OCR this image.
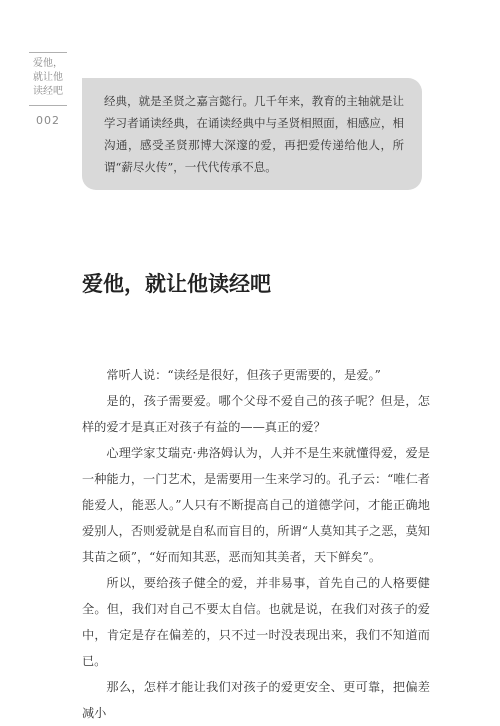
爱他，
就让他
读经吧
002
经典，就是圣贤之嘉言懿行。几千年来，教育的主轴就是让学习者诵读经典，在诵读经典中与圣贤相照面，相感应，相沟通，感受圣贤那博大深邃的爱，再把爱传递给他人，所谓“薪尽火传”，一代代传承不息。
爱他，就让他读经吧

常听人说：“读经是很好，但孩子更需要的，是爱。”

是的，孩子需要爱。哪个父母不爱自己的孩子呢？但是，怎样的爱才是真正对孩子有益的——真正的爱？

心理学家艾瑞克·弗洛姆认为，人并不是生来就懂得爱，爱是一种能力，一门艺术，是需要用一生来学习的。孔子云：“唯仁者能爱人，能恶人。”人只有不断提高自己的道德学问，才能正确地爱别人，否则爱就是自私而盲目的，所谓“人莫知其子之恶，莫知其苗之硕”，“好而知其恶，恶而知其美者，天下鲜矣”。

所以，要给孩子健全的爱，并非易事，首先自己的人格要健全。但，我们对自己不要太自信。也就是说，在我们对孩子的爱中，肯定是存在偏差的，只不过一时没表现出来，我们不知道而已。

那么，怎样才能让我们对孩子的爱更安全、更可靠，把偏差减小
